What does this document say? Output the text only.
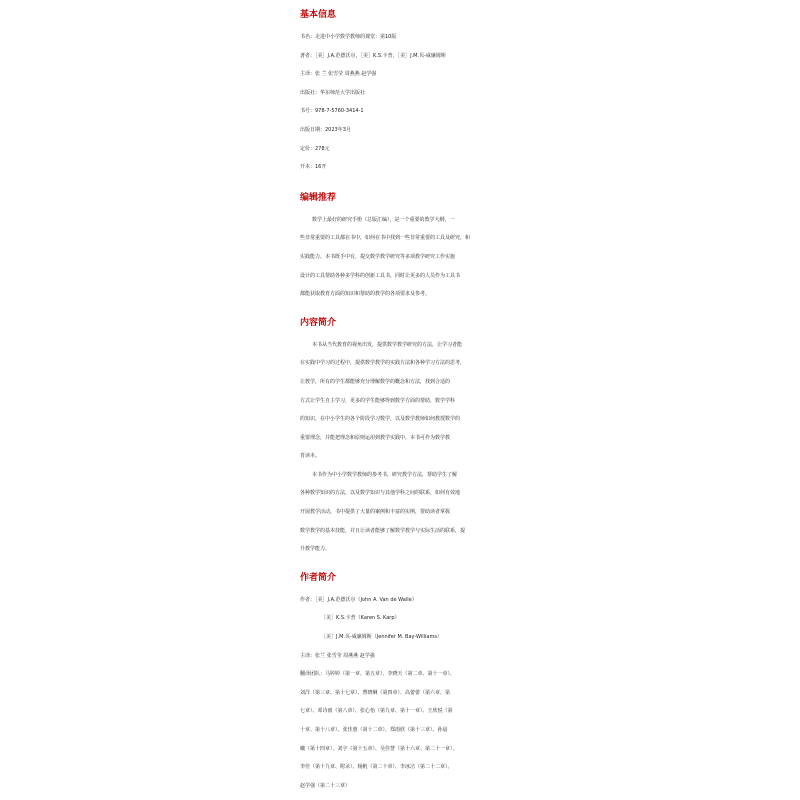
基本信息
书名：走进中小学数学教师的课堂：第10版
著者：［美］J.A.范德沃尔，［美］K.S.卡普，［美］J.M.贝-威廉姆斯
主译：张 兰 张雪莹 周燕燕 赵学强
出版社：华东师范大学出版社
书号：978-7-5760-3414-1
出版日期：2023年3月
定价：278元
开本：16开
编辑推荐
数学上最好的研究手册（总版汇编），是一个重要的教学大纲，一
些非常重要的工具都在书中，如何在书中找到一些非常重要的工具及研究，和
实践能力。本书既手中有，提交数学教学研究等多项教学研究工作实施
设计的工具帮助各种多学科的创新工具书，同时让更多的人员作为工具书
都能获取教育方面的知识和帮助的教学的各项要求及参考。
内容简介
本书从当代教育的视角出发，提供数学教学研究的方法，让学习者能
在实践中学习的过程中，提供数学教学的实践方法和各种学习方法的思考，
让教学，所有的学生都能够充分理解数学的概念和方法，找到合适的
方式让学生自主学习，更多的学生能够得到数学方面的帮助，数学学科
的知识，在中小学生的各个阶段学习数学，以及数学教师如何教授数学的
重要理念，并能把理念和原则运用到教学实践中。本书可作为数学教
育读本。
本书作为中小学数学教师的参考书，研究教学方法，帮助学生了解
各种数学知识的方法，以及数学知识与其他学科之间的联系，如何有效地
开展教学活动，书中提供了大量的案例和丰富的实例，帮助读者掌握
数学教学的基本技能，并且让读者能够了解数学教学与实际生活的联系，提
升教学能力。
作者简介
作者：［美］J.A.范德沃尔（John A. Van de Walle）
［美］K.S.卡普（Karen S. Karp）
［美］J.M.贝-威廉姆斯（Jennifer M. Bay-Williams）
主译：张兰 张雪莹 周燕燕 赵学强
翻译团队：马婷婷（第一章、第五章）、李晓天（第二章、第十一章）、
刘洋（第三章、第十七章）、曹晓琳（第四章）、高蕾蕾（第六章、第
七章）、邓诗雨（第八章）、张心怡（第九章、第十一章）、王欣悦（第
十章、第十八章）、张佳惠（第十二章）、郑雨欣（第十三章）、孙晨
曦（第十四章）、刘宇（第十五章）、吴佳慧（第十六章、第二十一章）、
李佳（第十九章、附录）、杨帆（第二十章）、李冰洁（第二十二章）、
赵学强（第二十三章）
